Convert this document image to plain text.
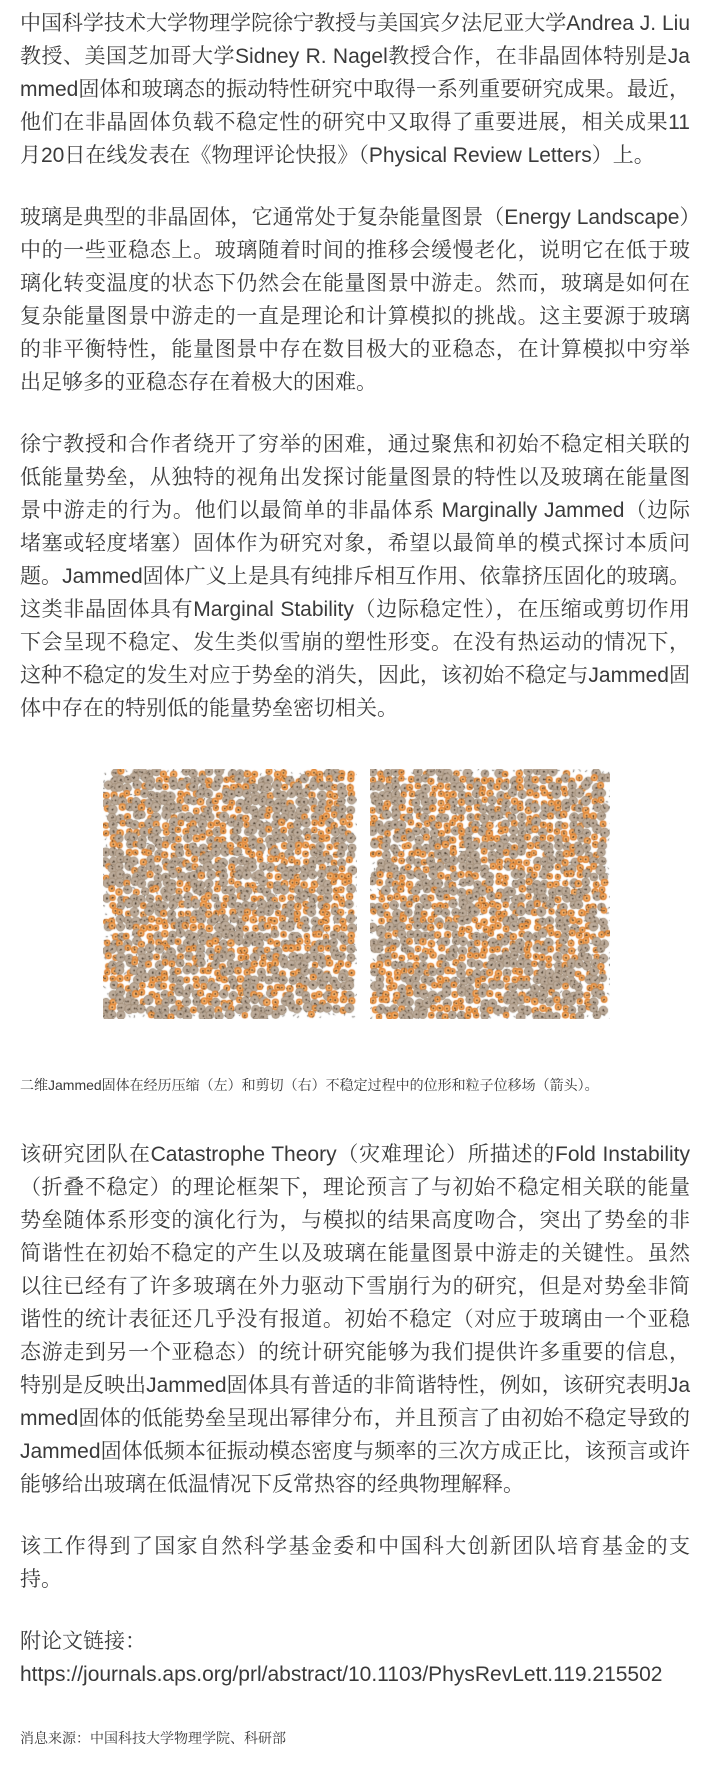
中国科学技术大学物理学院徐宁教授与美国宾夕法尼亚大学Andrea J. Liu教授、美国芝加哥大学Sidney R. Nagel教授合作，在非晶固体特别是Jammed固体和玻璃态的振动特性研究中取得一系列重要研究成果。最近，他们在非晶固体负载不稳定性的研究中又取得了重要进展，相关成果11月20日在线发表在《物理评论快报》（Physical Review Letters）上。

玻璃是典型的非晶固体，它通常处于复杂能量图景（Energy Landscape）中的一些亚稳态上。玻璃随着时间的推移会缓慢老化，说明它在低于玻璃化转变温度的状态下仍然会在能量图景中游走。然而，玻璃是如何在复杂能量图景中游走的一直是理论和计算模拟的挑战。这主要源于玻璃的非平衡特性，能量图景中存在数目极大的亚稳态，在计算模拟中穷举出足够多的亚稳态存在着极大的困难。

徐宁教授和合作者绕开了穷举的困难，通过聚焦和初始不稳定相关联的低能量势垒，从独特的视角出发探讨能量图景的特性以及玻璃在能量图景中游走的行为。他们以最简单的非晶体系 Marginally Jammed（边际堵塞或轻度堵塞）固体作为研究对象，希望以最简单的模式探讨本质问题。Jammed固体广义上是具有纯排斥相互作用、依靠挤压固化的玻璃。这类非晶固体具有Marginal Stability（边际稳定性），在压缩或剪切作用下会呈现不稳定、发生类似雪崩的塑性形变。在没有热运动的情况下，这种不稳定的发生对应于势垒的消失，因此，该初始不稳定与Jammed固体中存在的特别低的能量势垒密切相关。

二维Jammed固体在经历压缩（左）和剪切（右）不稳定过程中的位形和粒子位移场（箭头）。

该研究团队在Catastrophe Theory（灾难理论）所描述的Fold Instability（折叠不稳定）的理论框架下，理论预言了与初始不稳定相关联的能量势垒随体系形变的演化行为，与模拟的结果高度吻合，突出了势垒的非简谐性在初始不稳定的产生以及玻璃在能量图景中游走的关键性。虽然以往已经有了许多玻璃在外力驱动下雪崩行为的研究，但是对势垒非简谐性的统计表征还几乎没有报道。初始不稳定（对应于玻璃由一个亚稳态游走到另一个亚稳态）的统计研究能够为我们提供许多重要的信息，特别是反映出Jammed固体具有普适的非简谐特性，例如，该研究表明Jammed固体的低能势垒呈现出幂律分布，并且预言了由初始不稳定导致的Jammed固体低频本征振动模态密度与频率的三次方成正比，该预言或许能够给出玻璃在低温情况下反常热容的经典物理解释。

该工作得到了国家自然科学基金委和中国科大创新团队培育基金的支持。

附论文链接：
https://journals.aps.org/prl/abstract/10.1103/PhysRevLett.119.215502

消息来源：中国科技大学物理学院、科研部
